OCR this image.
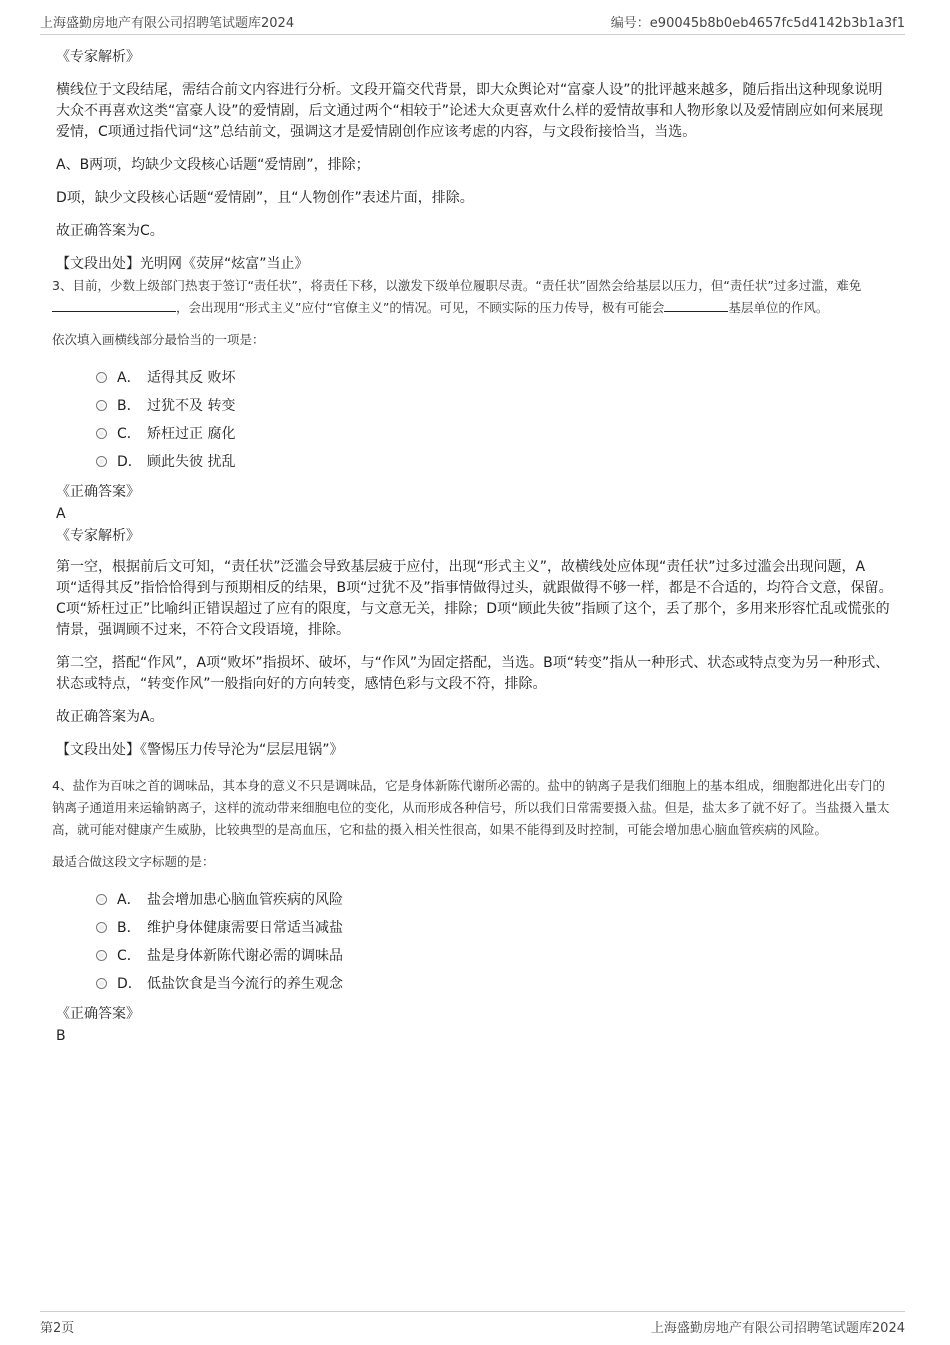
上海盛勤房地产有限公司招聘笔试题库2024	编号：e90045b8b0eb4657fc5d4142b3b1a3f1
《专家解析》

横线位于文段结尾，需结合前文内容进行分析。文段开篇交代背景，即大众舆论对“富豪人设”的批评越来越多，随后指出这种现象说明大众不再喜欢这类“富豪人设”的爱情剧，后文通过两个“相较于”论述大众更喜欢什么样的爱情故事和人物形象以及爱情剧应如何来展现爱情，C项通过指代词“这”总结前文，强调这才是爱情剧创作应该考虑的内容，与文段衔接恰当，当选。

A、B两项，均缺少文段核心话题“爱情剧”，排除；

D项，缺少文段核心话题“爱情剧”，且“人物创作”表述片面，排除。

故正确答案为C。

【文段出处】光明网《荧屏“炫富”当止》

3、目前，少数上级部门热衷于签订“责任状”，将责任下移，以激发下级单位履职尽责。“责任状”固然会给基层以压力，但“责任状”过多过滥，难免，会出现用“形式主义”应付“官僚主义”的情况。可见，不顾实际的压力传导，极有可能会	基层单位的作风。

依次填入画横线部分最恰当的一项是：

A． 适得其反 败坏
B． 过犹不及 转变
C． 矫枉过正 腐化
D． 顾此失彼 扰乱
《正确答案》
A
《专家解析》

第一空，根据前后文可知，“责任状”泛滥会导致基层疲于应付，出现“形式主义”，故横线处应体现“责任状”过多过滥会出现问题，A项“适得其反”指恰恰得到与预期相反的结果，B项“过犹不及”指事情做得过头，就跟做得不够一样，都是不合适的，均符合文意，保留。C项“矫枉过正”比喻纠正错误超过了应有的限度，与文意无关，排除；D项“顾此失彼”指顾了这个，丢了那个，多用来形容忙乱或慌张的情景，强调顾不过来，不符合文段语境，排除。

第二空，搭配“作风”，A项“败坏”指损坏、破坏，与“作风”为固定搭配，当选。B项“转变”指从一种形式、状态或特点变为另一种形式、状态或特点，“转变作风”一般指向好的方向转变，感情色彩与文段不符，排除。

故正确答案为A。

【文段出处】《警惕压力传导沦为“层层甩锅”》

4、盐作为百味之首的调味品，其本身的意义不只是调味品，它是身体新陈代谢所必需的。盐中的钠离子是我们细胞上的基本组成，细胞都进化出专门的钠离子通道用来运输钠离子，这样的流动带来细胞电位的变化，从而形成各种信号，所以我们日常需要摄入盐。但是，盐太多了就不好了。当盐摄入量太高，就可能对健康产生威胁，比较典型的是高血压，它和盐的摄入相关性很高，如果不能得到及时控制，可能会增加患心脑血管疾病的风险。

最适合做这段文字标题的是：

A． 盐会增加患心脑血管疾病的风险
B． 维护身体健康需要日常适当减盐
C． 盐是身体新陈代谢必需的调味品
D． 低盐饮食是当今流行的养生观念
《正确答案》
B
第2页	上海盛勤房地产有限公司招聘笔试题库2024
